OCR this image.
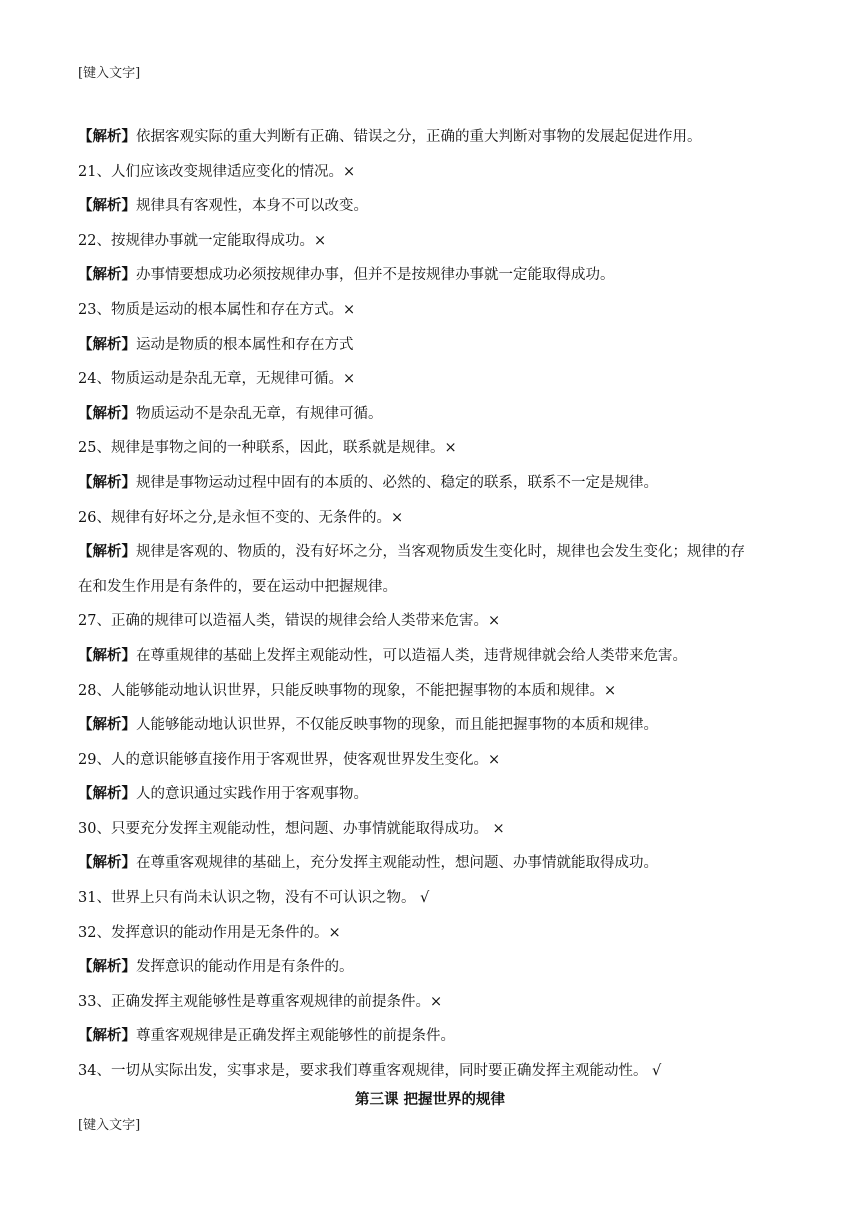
[键入文字]
【解析】依据客观实际的重大判断有正确、错误之分，正确的重大判断对事物的发展起促进作用。
21、人们应该改变规律适应变化的情况。×
【解析】规律具有客观性，本身不可以改变。
22、按规律办事就一定能取得成功。×
【解析】办事情要想成功必须按规律办事，但并不是按规律办事就一定能取得成功。
23、物质是运动的根本属性和存在方式。×
【解析】运动是物质的根本属性和存在方式
24、物质运动是杂乱无章，无规律可循。×
【解析】物质运动不是杂乱无章，有规律可循。
25、规律是事物之间的一种联系，因此，联系就是规律。×
【解析】规律是事物运动过程中固有的本质的、必然的、稳定的联系，联系不一定是规律。
26、规律有好坏之分,是永恒不变的、无条件的。×
【解析】规律是客观的、物质的，没有好坏之分，当客观物质发生变化时，规律也会发生变化；规律的存
在和发生作用是有条件的，要在运动中把握规律。
27、正确的规律可以造福人类，错误的规律会给人类带来危害。×
【解析】在尊重规律的基础上发挥主观能动性，可以造福人类，违背规律就会给人类带来危害。
28、人能够能动地认识世界，只能反映事物的现象，不能把握事物的本质和规律。×
【解析】人能够能动地认识世界，不仅能反映事物的现象，而且能把握事物的本质和规律。
29、人的意识能够直接作用于客观世界，使客观世界发生变化。×
【解析】人的意识通过实践作用于客观事物。
30、只要充分发挥主观能动性，想问题、办事情就能取得成功。 ×
【解析】在尊重客观规律的基础上，充分发挥主观能动性，想问题、办事情就能取得成功。
31、世界上只有尚未认识之物，没有不可认识之物。 √
32、发挥意识的能动作用是无条件的。×
【解析】发挥意识的能动作用是有条件的。
33、正确发挥主观能够性是尊重客观规律的前提条件。×
【解析】尊重客观规律是正确发挥主观能够性的前提条件。
34、一切从实际出发，实事求是，要求我们尊重客观规律，同时要正确发挥主观能动性。 √
第三课 把握世界的规律
[键入文字]
